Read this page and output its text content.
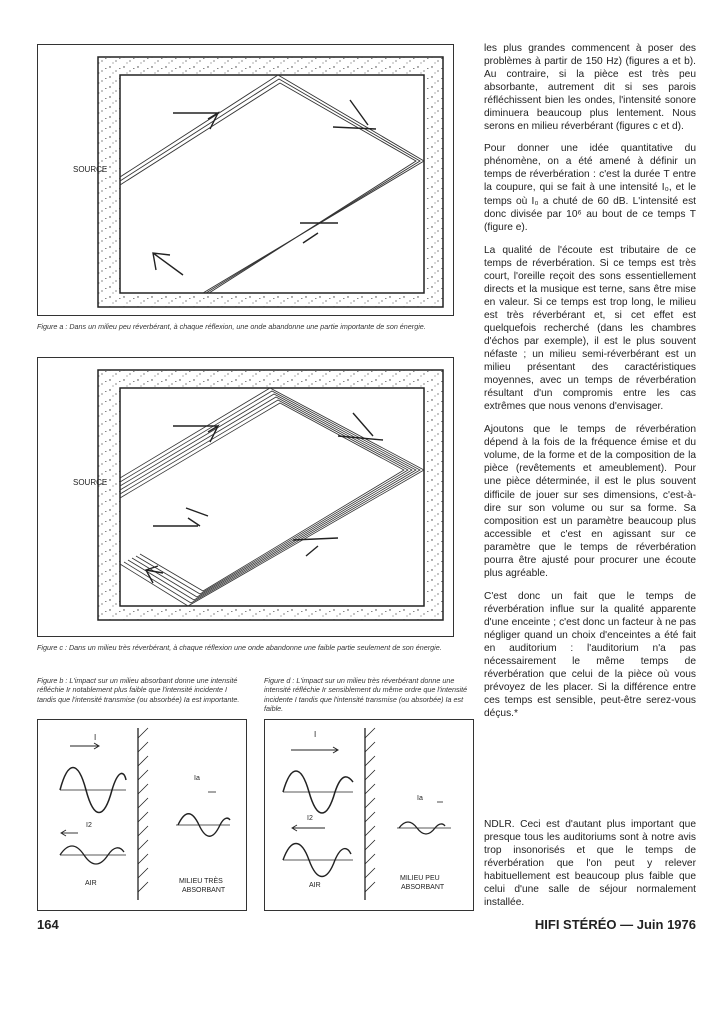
SOURCE
Figure a : Dans un milieu peu réverbérant, à chaque réflexion, une onde abandonne une partie importante de son énergie.
SOURCE
Figure c : Dans un milieu très réverbérant, à chaque réflexion une onde abandonne une faible partie seulement de son énergie.
Figure b : L'impact sur un milieu absorbant donne une intensité réfléchie Ir notablement plus faible que l'intensité incidente I tandis que l'intensité transmise (ou absorbée) Ia est importante.
I
I2
AIR
Ia
MILIEU TRÈS
ABSORBANT
Figure d : L'impact sur un milieu très réverbérant donne une intensité réfléchie Ir sensiblement du même ordre que l'intensité incidente I tandis que l'intensité transmise (ou absorbée) Ia est faible.
I
I2
AIR
Ia
MILIEU PEU
ABSORBANT

les plus grandes commencent à poser des problèmes à partir de 150 Hz) (figures a et b). Au contraire, si la pièce est très peu absorbante, autrement dit si ses parois réfléchissent bien les ondes, l'intensité sonore diminuera beaucoup plus lentement. Nous serons en milieu réverbérant (figures c et d).

Pour donner une idée quantitative du phénomène, on a été amené à définir un temps de réverbération : c'est la durée T entre la coupure, qui se fait à une intensité I₀, et le temps où I₀ a chuté de 60 dB. L'intensité est donc divisée par 10⁶ au bout de ce temps T (figure e).

La qualité de l'écoute est tributaire de ce temps de réverbération. Si ce temps est très court, l'oreille reçoit des sons essentiellement directs et la musique est terne, sans être mise en valeur. Si ce temps est trop long, le milieu est très réverbérant et, si cet effet est quelquefois recherché (dans les chambres d'échos par exemple), il est le plus souvent néfaste ; un milieu semi-réverbérant est un milieu présentant des caractéristiques moyennes, avec un temps de réverbération résultant d'un compromis entre les cas extrêmes que nous venons d'envisager.

Ajoutons que le temps de réverbération dépend à la fois de la fréquence émise et du volume, de la forme et de la composition de la pièce (revêtements et ameublement). Pour une pièce déterminée, il est le plus souvent difficile de jouer sur ses dimensions, c'est-à-dire sur son volume ou sur sa forme. Sa composition est un paramètre beaucoup plus accessible et c'est en agissant sur ce paramètre que le temps de réverbération pourra être ajusté pour procurer une écoute plus agréable.

C'est donc un fait que le temps de réverbération influe sur la qualité apparente d'une enceinte ; c'est donc un facteur à ne pas négliger quand un choix d'enceintes a été fait en auditorium : l'auditorium n'a pas nécessairement le même temps de réverbération que celui de la pièce où vous prévoyez de les placer. Si la différence entre ces temps est sensible, peut-être serez-vous déçus.*

NDLR. Ceci est d'autant plus important que presque tous les auditoriums sont à notre avis trop insonorisés et que le temps de réverbération que l'on peut y relever habituellement est beaucoup plus faible que celui d'une salle de séjour normalement installée.
164	HIFI STÉRÉO — Juin 1976
